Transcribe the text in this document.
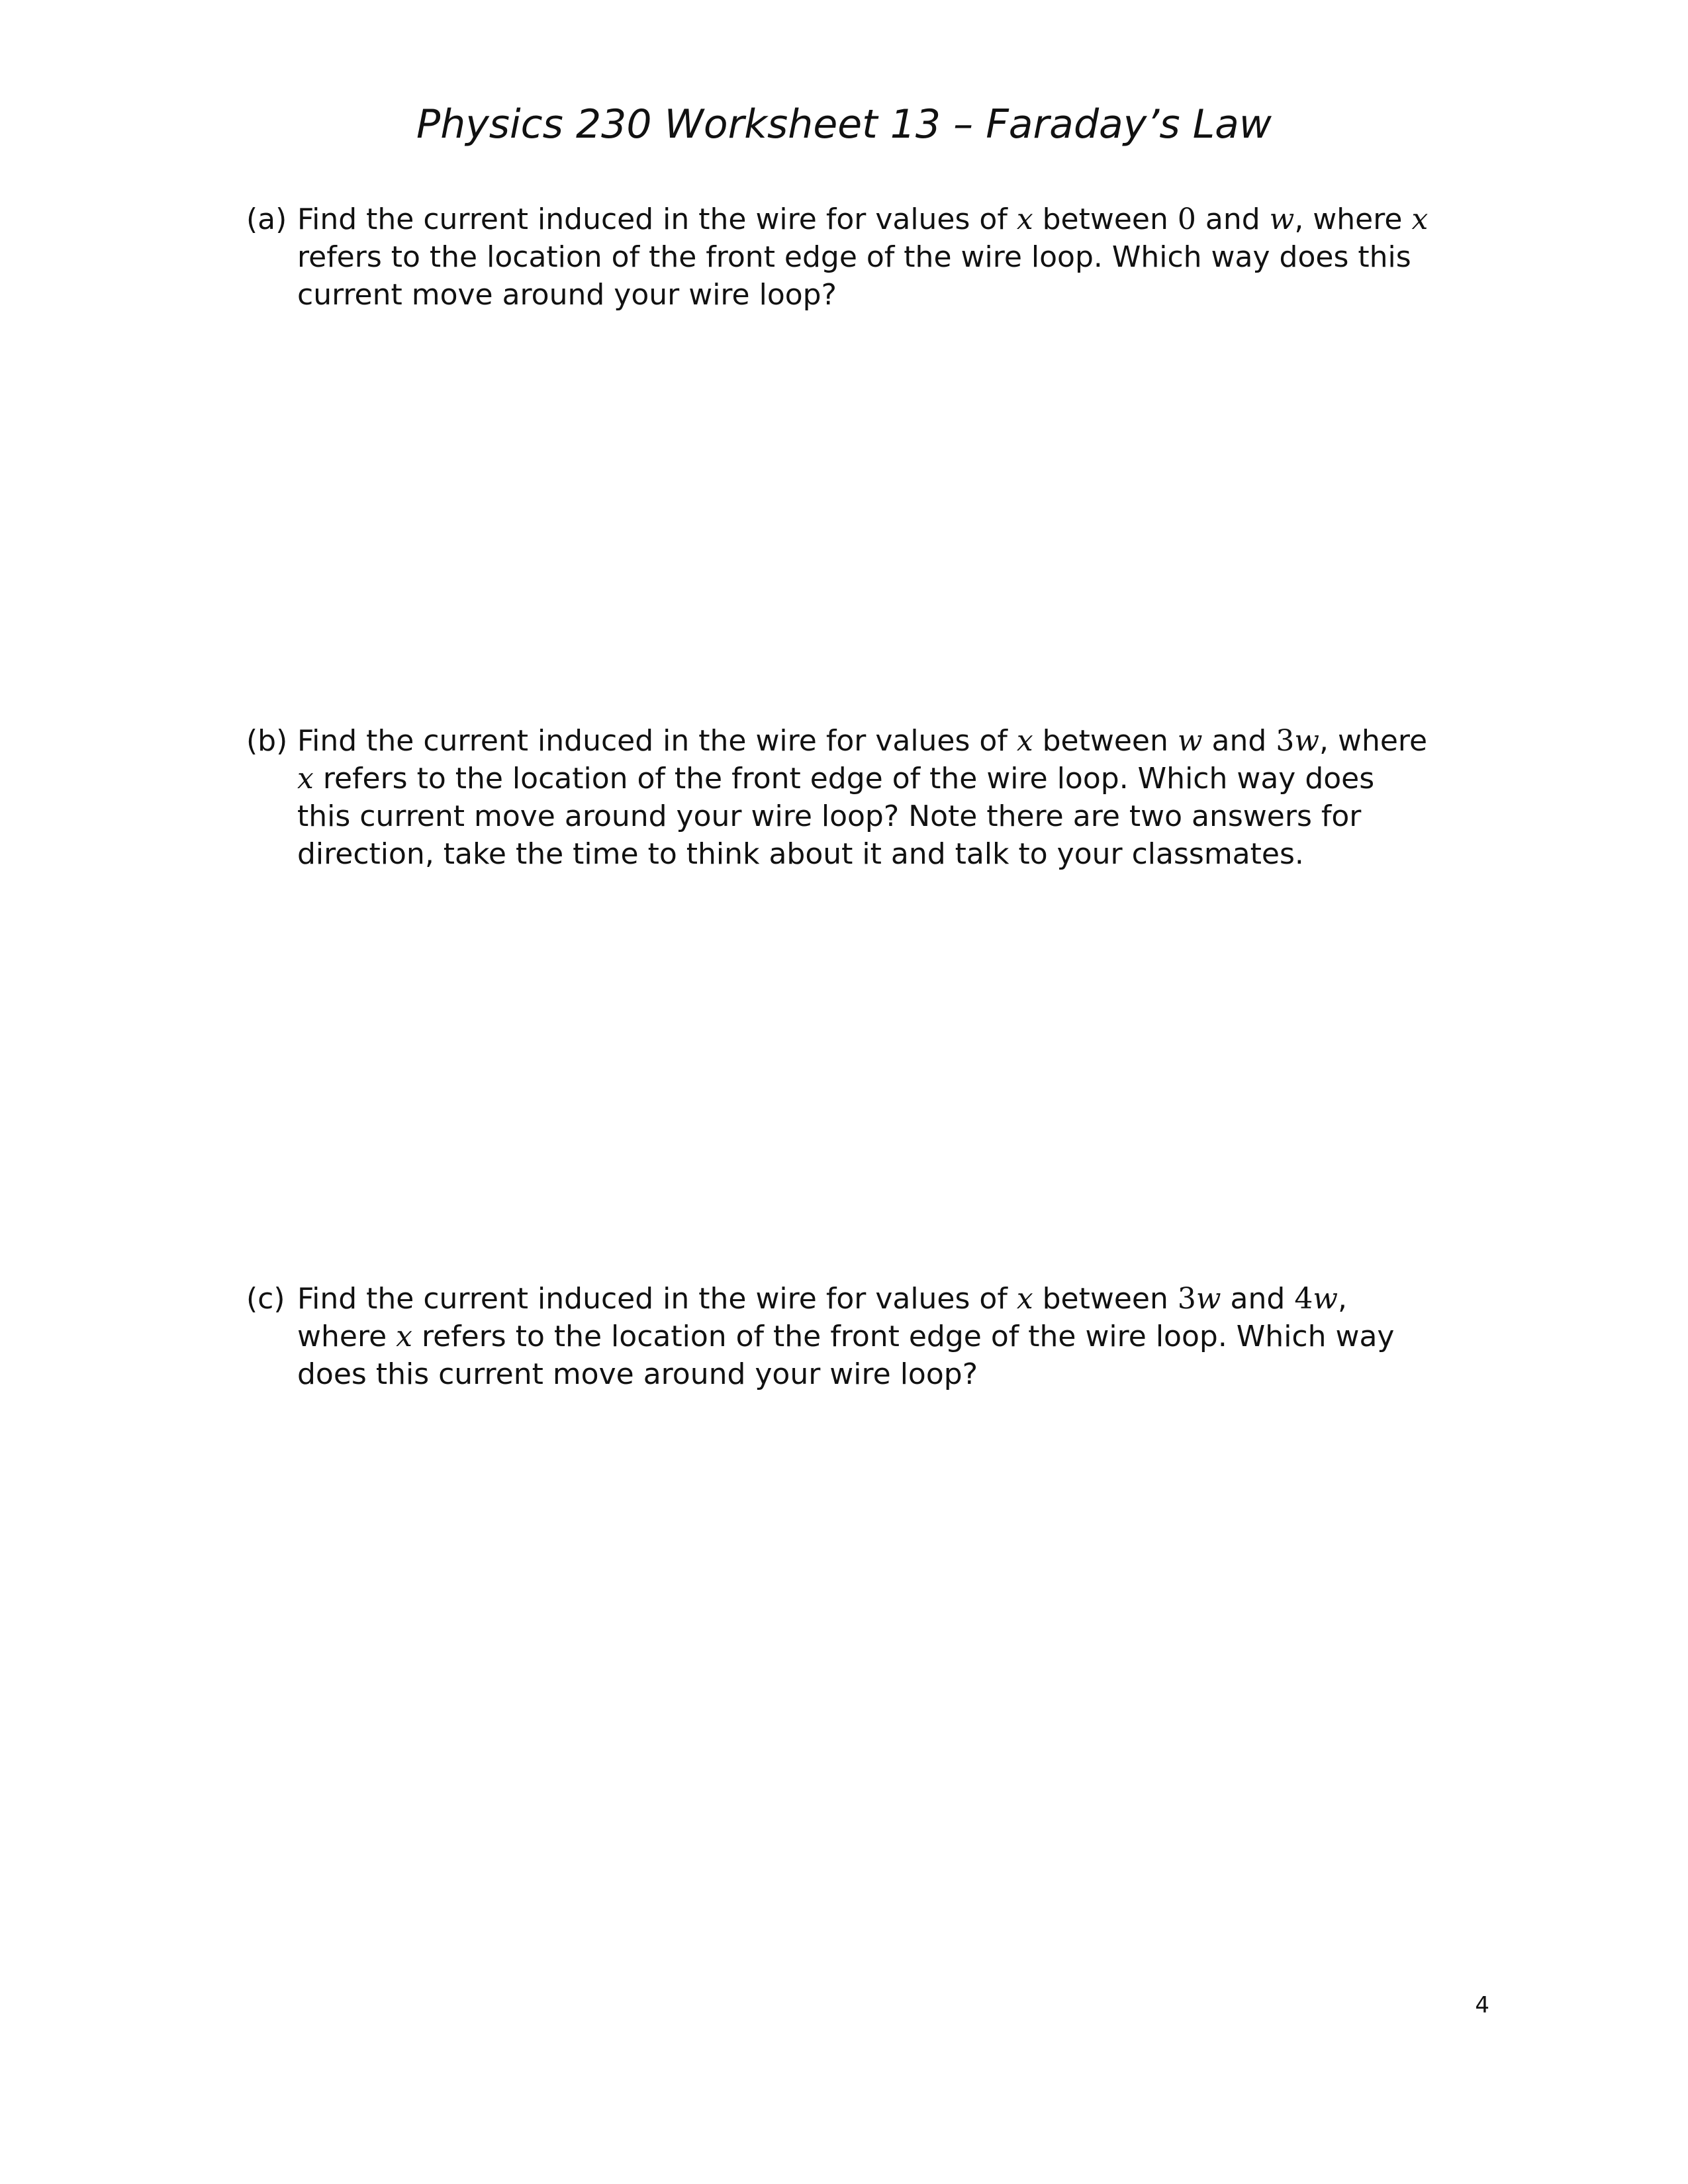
Physics 230 Worksheet 13 – Faraday’s Law
(a) Find the current induced in the wire for values of x between 0 and w, where x
refers to the location of the front edge of the wire loop. Which way does this
current move around your wire loop?
(b) Find the current induced in the wire for values of x between w and 3w, where
x refers to the location of the front edge of the wire loop. Which way does
this current move around your wire loop? Note there are two answers for
direction, take the time to think about it and talk to your classmates.
(c) Find the current induced in the wire for values of x between 3w and 4w,
where x refers to the location of the front edge of the wire loop. Which way
does this current move around your wire loop?
4
